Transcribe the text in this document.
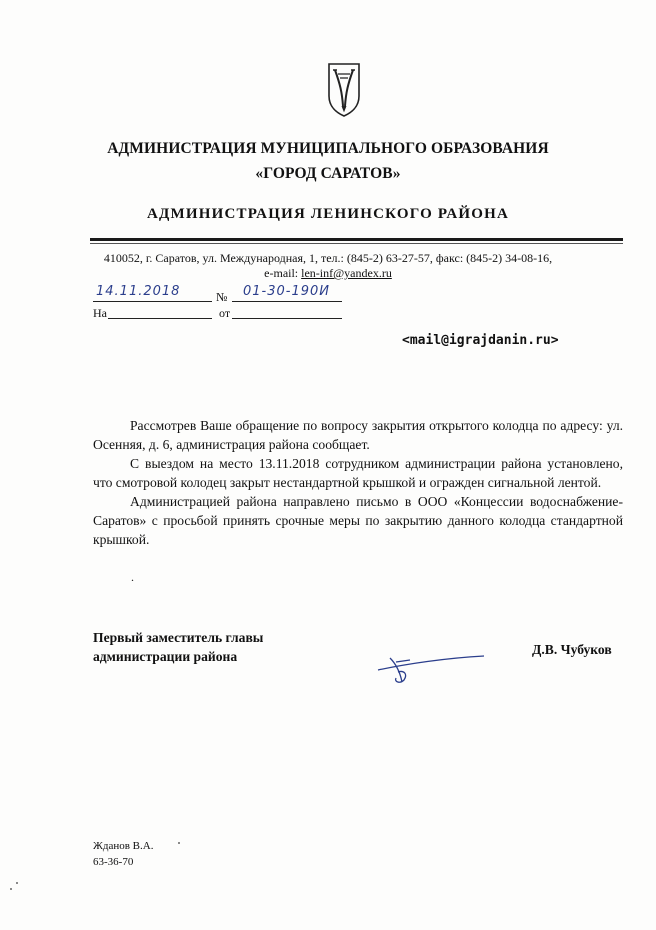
АДМИНИСТРАЦИЯ МУНИЦИПАЛЬНОГО ОБРАЗОВАНИЯ
«ГОРОД САРАТОВ»
АДМИНИСТРАЦИЯ ЛЕНИНСКОГО РАЙОНА
410052, г. Саратов, ул. Международная, 1, тел.: (845-2) 63-27-57, факс: (845-2) 34-08-16,
e-mail: len-inf@yandex.ru
14.11.2018	№ 01-30-190И
На	от
<mail@igrajdanin.ru>

Рассмотрев Ваше обращение по вопросу закрытия открытого колодца по адресу: ул. Осенняя, д. 6, администрация района сообщает.

С выездом на место 13.11.2018 сотрудником администрации района установлено, что смотровой колодец закрыт нестандартной крышкой и огражден сигнальной лентой.

Администрацией района направлено письмо в ООО «Концессии водоснабжение-Саратов» с просьбой принять срочные меры по закрытию данного колодца стандартной крышкой.

.
Первый заместитель главы
администрации района	Д.В. Чубуков
Жданов В.А.
63-36-70
